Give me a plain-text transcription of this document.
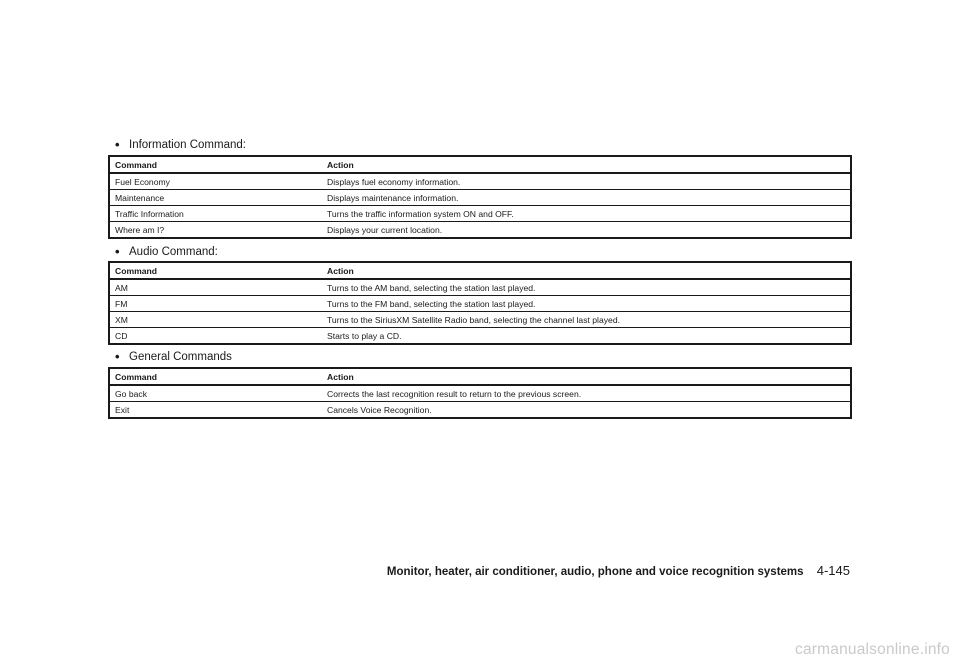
• Information Command:
Command	Action
Fuel Economy	Displays fuel economy information.
Maintenance	Displays maintenance information.
Traffic Information	Turns the traffic information system ON and OFF.
Where am I?	Displays your current location.
• Audio Command:
Command	Action
AM	Turns to the AM band, selecting the station last played.
FM	Turns to the FM band, selecting the station last played.
XM	Turns to the SiriusXM Satellite Radio band, selecting the channel last played.
CD	Starts to play a CD.
• General Commands
Command	Action
Go back	Corrects the last recognition result to return to the previous screen.
Exit	Cancels Voice Recognition.
Monitor, heater, air conditioner, audio, phone and voice recognition systems 4-145
carmanualsonline.info
